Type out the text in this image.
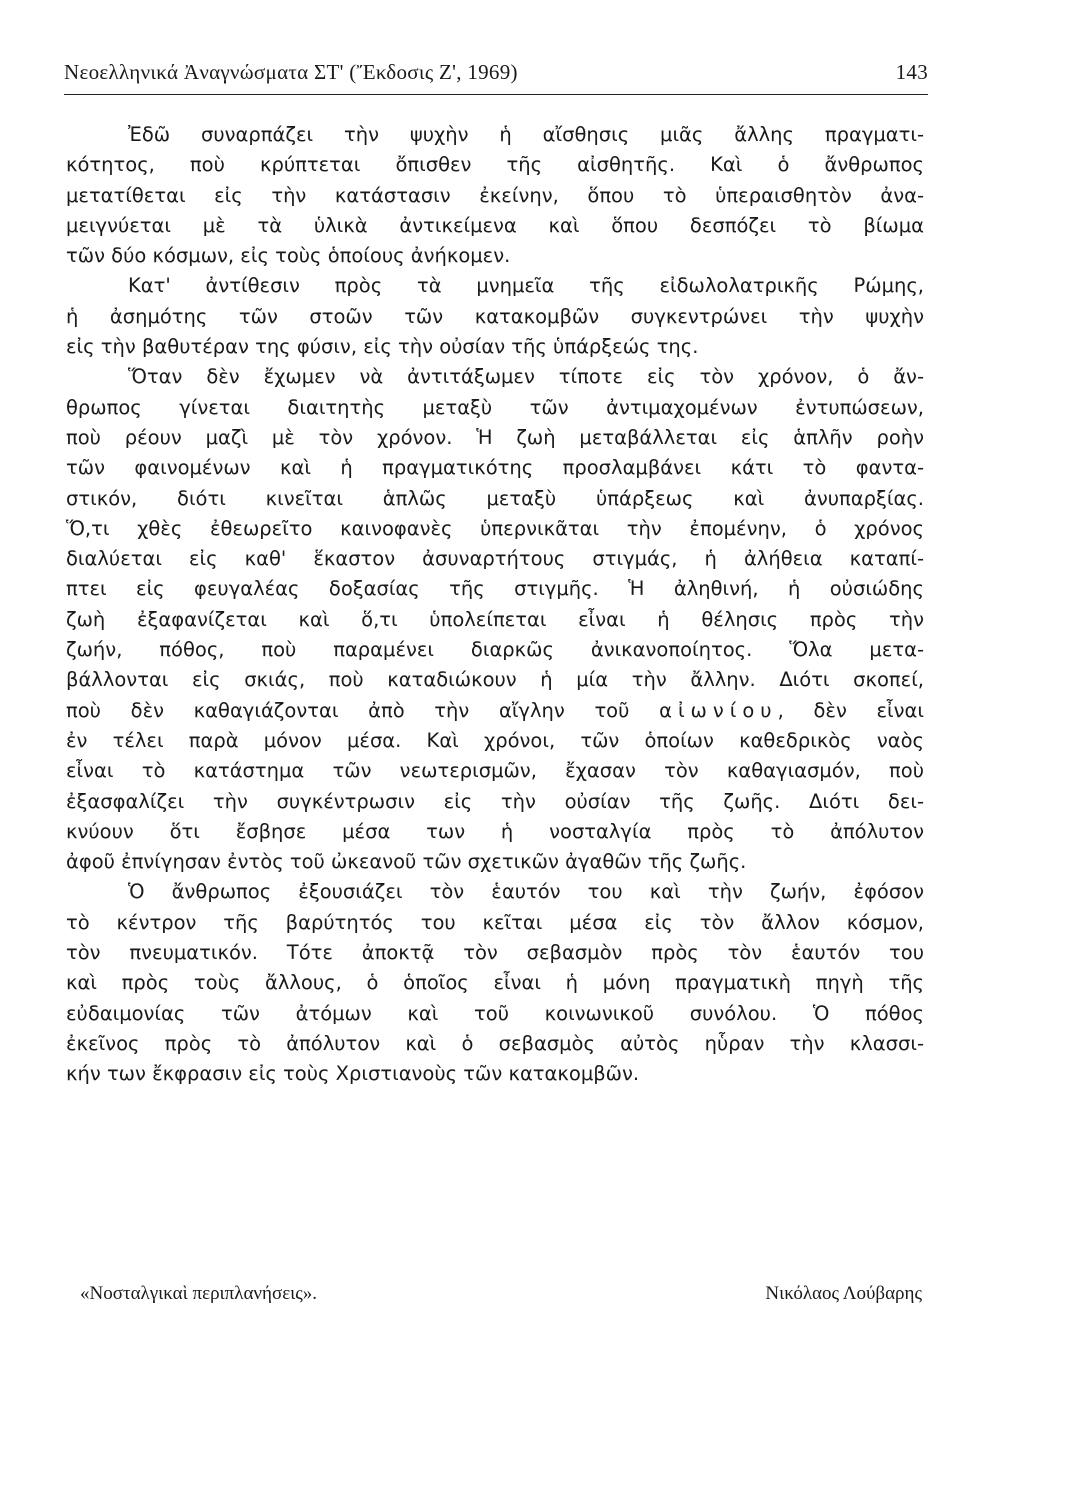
Νεοελληνικά Ἀναγνώσματα ΣΤ' (Ἔκδοσις Ζ', 1969)	143
Ἐδῶ συναρπάζει τὴν ψυχὴν ἡ αἴσθησις μιᾶς ἄλλης πραγματι-
κότητος, ποὺ κρύπτεται ὄπισθεν τῆς αἰσθητῆς. Καὶ ὁ ἄνθρωπος
μετατίθεται εἰς τὴν κατάστασιν ἐκείνην, ὅπου τὸ ὑπεραισθητὸν ἀνα-
μειγνύεται μὲ τὰ ὑλικὰ ἀντικείμενα καὶ ὅπου δεσπόζει τὸ βίωμα
τῶν δύο κόσμων, εἰς τοὺς ὁποίους ἀνήκομεν.
Κατ' ἀντίθεσιν πρὸς τὰ μνημεῖα τῆς εἰδωλολατρικῆς Ρώμης,
ἡ ἀσημότης τῶν στοῶν τῶν κατακομβῶν συγκεντρώνει τὴν ψυχὴν
εἰς τὴν βαθυτέραν της φύσιν, εἰς τὴν οὐσίαν τῆς ὑπάρξεώς της.
Ὅταν δὲν ἔχωμεν νὰ ἀντιτάξωμεν τίποτε εἰς τὸν χρόνον, ὁ ἄν-
θρωπος γίνεται διαιτητὴς μεταξὺ τῶν ἀντιμαχομένων ἐντυπώσεων,
ποὺ ρέουν μαζὶ μὲ τὸν χρόνον. Ἡ ζωὴ μεταβάλλεται εἰς ἁπλῆν ροὴν
τῶν φαινομένων καὶ ἡ πραγματικότης προσλαμβάνει κάτι τὸ φαντα-
στικόν, διότι κινεῖται ἁπλῶς μεταξὺ ὑπάρξεως καὶ ἀνυπαρξίας.
Ὅ,τι χθὲς ἐθεωρεῖτο καινοφανὲς ὑπερνικᾶται τὴν ἐπομένην, ὁ χρόνος
διαλύεται εἰς καθ' ἕκαστον ἀσυναρτήτους στιγμάς, ἡ ἀλήθεια καταπί-
πτει εἰς φευγαλέας δοξασίας τῆς στιγμῆς. Ἡ ἀληθινή, ἡ οὐσιώδης
ζωὴ ἐξαφανίζεται καὶ ὅ,τι ὑπολείπεται εἶναι ἡ θέλησις πρὸς τὴν
ζωήν, πόθος, ποὺ παραμένει διαρκῶς ἀνικανοποίητος. Ὅλα μετα-
βάλλονται εἰς σκιάς, ποὺ καταδιώκουν ἡ μία τὴν ἄλλην. Διότι σκοπεί,
ποὺ δὲν καθαγιάζονται ἀπὸ τὴν αἴγλην τοῦ αἰωνίου, δὲν εἶναι
ἐν τέλει παρὰ μόνον μέσα. Καὶ χρόνοι, τῶν ὁποίων καθεδρικὸς ναὸς
εἶναι τὸ κατάστημα τῶν νεωτερισμῶν, ἔχασαν τὸν καθαγιασμόν, ποὺ
ἐξασφαλίζει τὴν συγκέντρωσιν εἰς τὴν οὐσίαν τῆς ζωῆς. Διότι δει-
κνύουν ὅτι ἔσβησε μέσα των ἡ νοσταλγία πρὸς τὸ ἀπόλυτον
ἀφοῦ ἐπνίγησαν ἐντὸς τοῦ ὠκεανοῦ τῶν σχετικῶν ἀγαθῶν τῆς ζωῆς.
Ὁ ἄνθρωπος ἐξουσιάζει τὸν ἑαυτόν του καὶ τὴν ζωήν, ἐφόσον
τὸ κέντρον τῆς βαρύτητός του κεῖται μέσα εἰς τὸν ἄλλον κόσμον,
τὸν πνευματικόν. Τότε ἀποκτᾷ τὸν σεβασμὸν πρὸς τὸν ἑαυτόν του
καὶ πρὸς τοὺς ἄλλους, ὁ ὁποῖος εἶναι ἡ μόνη πραγματικὴ πηγὴ τῆς
εὐδαιμονίας τῶν ἀτόμων καὶ τοῦ κοινωνικοῦ συνόλου. Ὁ πόθος
ἐκεῖνος πρὸς τὸ ἀπόλυτον καὶ ὁ σεβασμὸς αὐτὸς ηὗραν τὴν κλασσι-
κήν των ἔκφρασιν εἰς τοὺς Χριστιανοὺς τῶν κατακομβῶν.
«Νοσταλγικαὶ περιπλανήσεις».	Νικόλαος Λούβαρης
